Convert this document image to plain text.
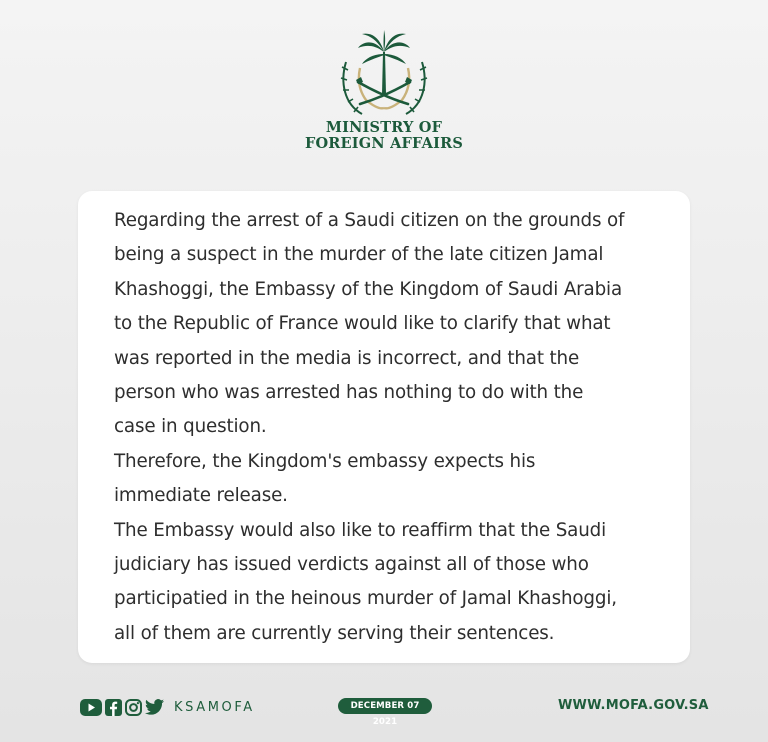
MINISTRY OF
FOREIGN AFFAIRS

Regarding the arrest of a Saudi citizen on the grounds of
being a suspect in the murder of the late citizen Jamal
Khashoggi, the Embassy of the Kingdom of Saudi Arabia
to the Republic of France would like to clarify that what
was reported in the media is incorrect, and that the
person who was arrested has nothing to do with the
case in question.
Therefore, the Kingdom's embassy expects his
immediate release.
The Embassy would also like to reaffirm that the Saudi
judiciary has issued verdicts against all of those who
participatied in the heinous murder of Jamal Khashoggi,
all of them are currently serving their sentences.

KSAMOFA	DECEMBER 07 2021
WWW.MOFA.GOV.SA
